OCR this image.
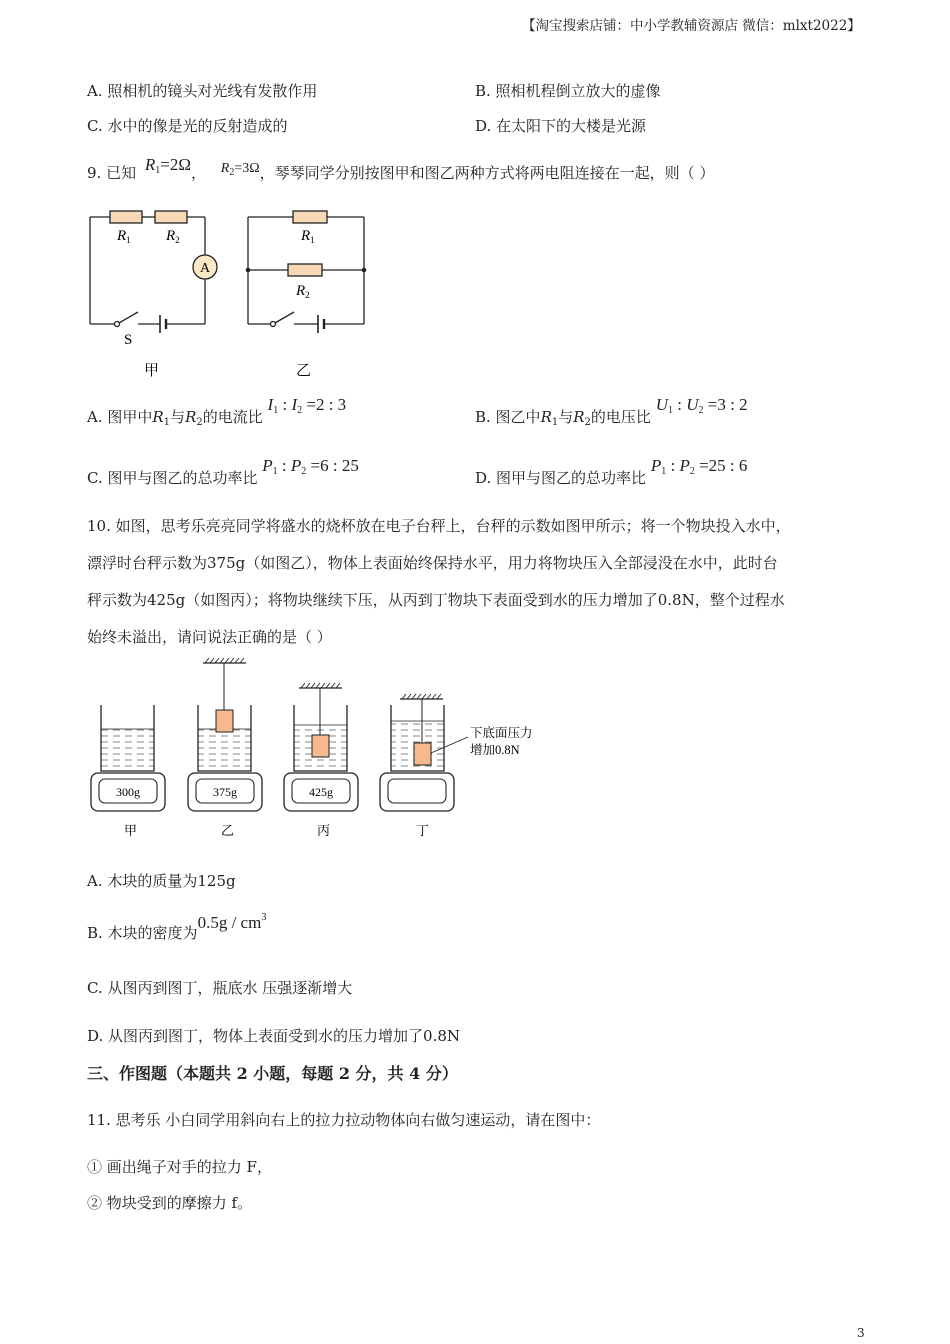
【淘宝搜索店铺：中小学教辅资源店 微信：mlxt2022】
A. 照相机的镜头对光线有发散作用	B. 照相机程倒立放大的虚像
C. 水中的像是光的反射造成的	D. 在太阳下的大楼是光源
9. 已知 $R_1=2\Omega$， $R_2=3\Omega$，琴琴同学分别按图甲和图乙两种方式将两电阻连接在一起，则（ ）
$R_1$ $R_2$
A
S
$R_1$
$R_2$
甲	乙
A. 图甲中$R_1$与$R_2$的电流比 $I_1$ : $I_2 =2$ : 3
B. 图乙中$R_1$与$R_2$的电压比 $U_1$ : $U_2 =3$ : 2
C. 图甲与图乙的总功率比 $P_1$ : $P_2 =6$ : 25
D. 图甲与图乙的总功率比 $P_1$ : $P_2 =25$ : 6
10. 如图，思考乐亮亮同学将盛水的烧杯放在电子台秤上，台秤的示数如图甲所示；将一个物块投入水中，
漂浮时台秤示数为375g（如图乙），物体上表面始终保持水平，用力将物块压入全部浸没在水中，此时台
秤示数为425g（如图丙）；将物块继续下压，从丙到丁物块下表面受到水的压力增加了0.8N，整个过程水
始终未溢出，请问说法正确的是（ ）
300g
甲
375g
乙
425g
丙	丁
下底面压力
增加0.8N
A. 木块的质量为125g
B. 木块的密度为$0.5g / cm^3$
C. 从图丙到图丁，瓶底水 压强逐渐增大
D. 从图丙到图丁，物体上表面受到水的压力增加了0.8N
三、作图题（本题共 2 小题，每题 2 分，共 4 分）
11. 思考乐 小白同学用斜向右上的拉力拉动物体向右做匀速运动，请在图中：
① 画出绳子对手的拉力 F，
② 物块受到的摩擦力 f。
3
